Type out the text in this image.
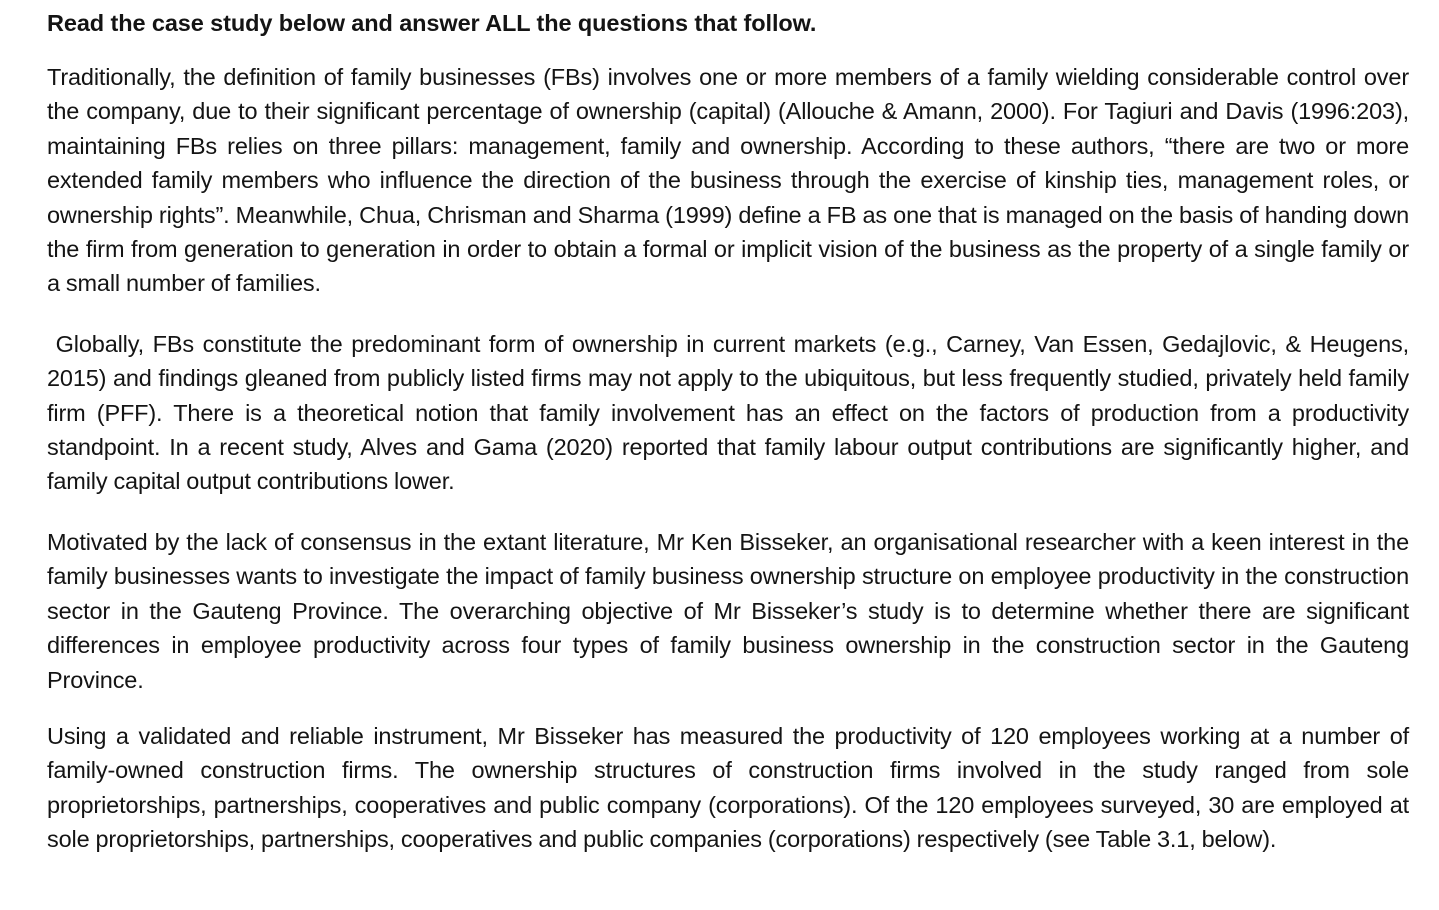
Read the case study below and answer ALL the questions that follow.

Traditionally, the definition of family businesses (FBs) involves one or more members of a family wielding considerable control over the company, due to their significant percentage of ownership (capital) (Allouche & Amann, 2000). For Tagiuri and Davis (1996:203), maintaining FBs relies on three pillars: management, family and ownership. According to these authors, “there are two or more extended family members who influence the direction of the business through the exercise of kinship ties, management roles, or ownership rights”. Meanwhile, Chua, Chrisman and Sharma (1999) define a FB as one that is managed on the basis of handing down the firm from generation to generation in order to obtain a formal or implicit vision of the business as the property of a single family or a small number of families.

Globally, FBs constitute the predominant form of ownership in current markets (e.g., Carney, Van Essen, Gedajlovic, & Heugens, 2015) and findings gleaned from publicly listed firms may not apply to the ubiquitous, but less frequently studied, privately held family firm (PFF). There is a theoretical notion that family involvement has an effect on the factors of production from a productivity standpoint. In a recent study, Alves and Gama (2020) reported that family labour output contributions are significantly higher, and family capital output contributions lower.

Motivated by the lack of consensus in the extant literature, Mr Ken Bisseker, an organisational researcher with a keen interest in the family businesses wants to investigate the impact of family business ownership structure on employee productivity in the construction sector in the Gauteng Province. The overarching objective of Mr Bisseker’s study is to determine whether there are significant differences in employee productivity across four types of family business ownership in the construction sector in the Gauteng Province.

Using a validated and reliable instrument, Mr Bisseker has measured the productivity of 120 employees working at a number of family-owned construction firms. The ownership structures of construction firms involved in the study ranged from sole proprietorships, partnerships, cooperatives and public company (corporations). Of the 120 employees surveyed, 30 are employed at sole proprietorships, partnerships, cooperatives and public companies (corporations) respectively (see Table 3.1, below).
